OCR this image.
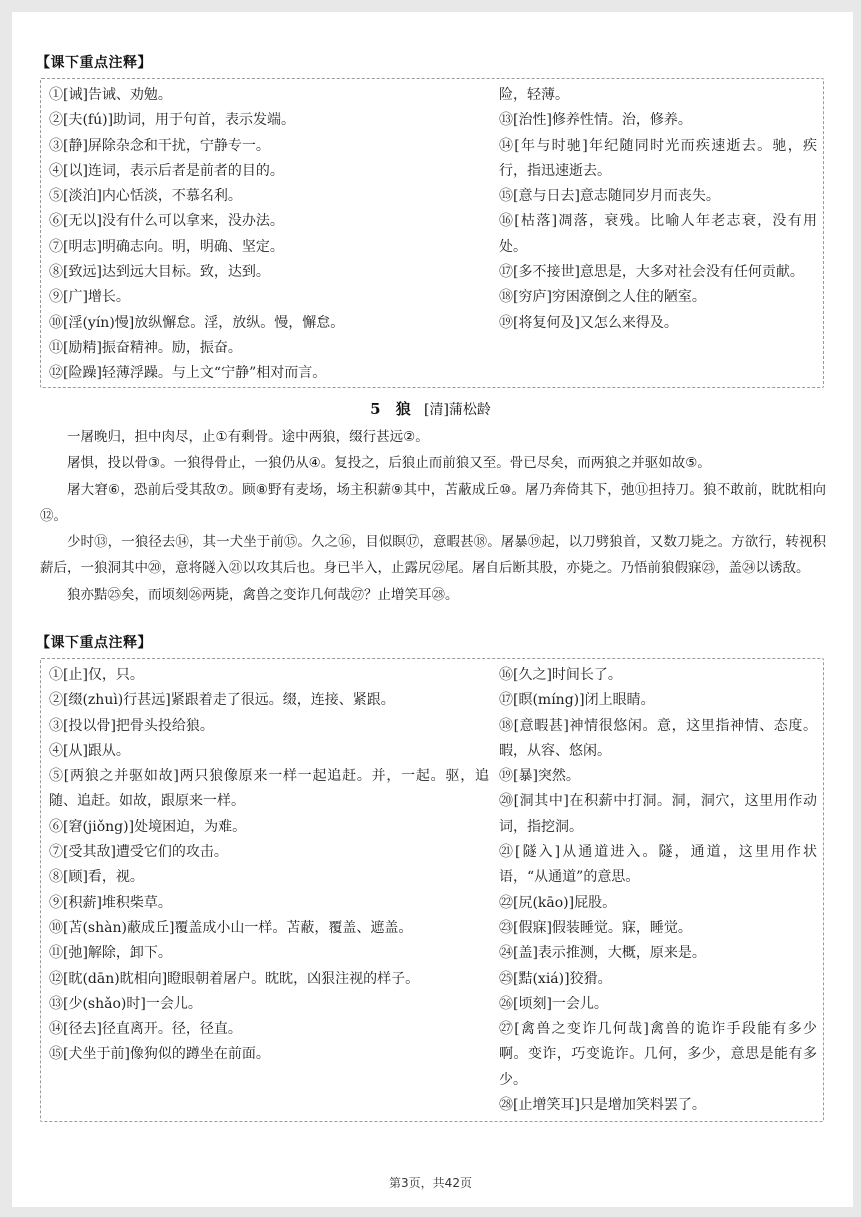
【课下重点注释】
①[诫]告诫、劝勉。
②[夫(fú)]助词，用于句首，表示发端。
③[静]屏除杂念和干扰，宁静专一。
④[以]连词，表示后者是前者的目的。
⑤[淡泊]内心恬淡，不慕名利。
⑥[无以]没有什么可以拿来，没办法。
⑦[明志]明确志向。明，明确、坚定。
⑧[致远]达到远大目标。致，达到。
⑨[广]增长。
⑩[淫(yín)慢]放纵懈怠。淫，放纵。慢，懈怠。
⑪[励精]振奋精神。励，振奋。
⑫[险躁]轻薄浮躁。与上文“宁静”相对而言。
险，轻薄。
⑬[治性]修养性情。治，修养。
⑭[年与时驰]年纪随同时光而疾速逝去。驰，疾行，指迅速逝去。
⑮[意与日去]意志随同岁月而丧失。
⑯[枯落]凋落，衰残。比喻人年老志衰，没有用处。
⑰[多不接世]意思是，大多对社会没有任何贡献。
⑱[穷庐]穷困潦倒之人住的陋室。
⑲[将复何及]又怎么来得及。
5 狼 [清]蒲松龄

一屠晚归，担中肉尽，止①有剩骨。途中两狼，缀行甚远②。

屠惧，投以骨③。一狼得骨止，一狼仍从④。复投之，后狼止而前狼又至。骨已尽矣，而两狼之并驱如故⑤。

屠大窘⑥，恐前后受其敌⑦。顾⑧野有麦场，场主积薪⑨其中，苫蔽成丘⑩。屠乃奔倚其下，弛⑪担持刀。狼不敢前，眈眈相向⑫。

少时⑬，一狼径去⑭，其一犬坐于前⑮。久之⑯，目似瞑⑰，意暇甚⑱。屠暴⑲起，以刀劈狼首，又数刀毙之。方欲行，转视积薪后，一狼洞其中⑳，意将隧入㉑以攻其后也。身已半入，止露尻㉒尾。屠自后断其股，亦毙之。乃悟前狼假寐㉓，盖㉔以诱敌。

狼亦黠㉕矣，而顷刻㉖两毙，禽兽之变诈几何哉㉗？止增笑耳㉘。

【课下重点注释】
①[止]仅，只。
②[缀(zhuì)行甚远]紧跟着走了很远。缀，连接、紧跟。
③[投以骨]把骨头投给狼。
④[从]跟从。
⑤[两狼之并驱如故]两只狼像原来一样一起追赶。并，一起。驱，追随、追赶。如故，跟原来一样。
⑥[窘(jiǒng)]处境困迫，为难。
⑦[受其敌]遭受它们的攻击。
⑧[顾]看，视。
⑨[积薪]堆积柴草。
⑩[苫(shàn)蔽成丘]覆盖成小山一样。苫蔽，覆盖、遮盖。
⑪[弛]解除，卸下。
⑫[眈(dān)眈相向]瞪眼朝着屠户。眈眈，凶狠注视的样子。
⑬[少(shǎo)时]一会儿。
⑭[径去]径直离开。径，径直。
⑮[犬坐于前]像狗似的蹲坐在前面。
⑯[久之]时间长了。
⑰[瞑(míng)]闭上眼睛。
⑱[意暇甚]神情很悠闲。意，这里指神情、态度。暇，从容、悠闲。
⑲[暴]突然。
⑳[洞其中]在积薪中打洞。洞，洞穴，这里用作动词，指挖洞。
㉑[隧入]从通道进入。隧，通道，这里用作状语，“从通道”的意思。
㉒[尻(kāo)]屁股。
㉓[假寐]假装睡觉。寐，睡觉。
㉔[盖]表示推测，大概，原来是。
㉕[黠(xiá)]狡猾。
㉖[顷刻]一会儿。
㉗[禽兽之变诈几何哉]禽兽的诡诈手段能有多少啊。变诈，巧变诡诈。几何，多少，意思是能有多少。
㉘[止增笑耳]只是增加笑料罢了。
第3页，共42页
